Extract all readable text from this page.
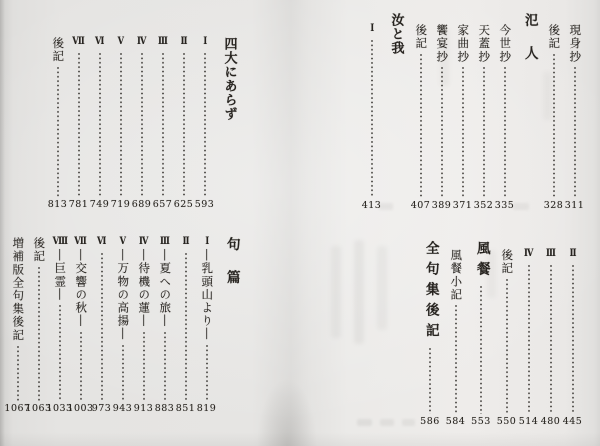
四大にあらず
I
593
II
625
III
657
IV
689
V
719
VI
749
VII
781
後記
813
現身抄
311
後記
328
氾　人
今世抄
335
天蓋抄
352
家曲抄
371
饗宴抄
389
後記
407
汝と我
I
413
句　篇
I
―乳頭山より―
819
II
851
III
―夏への旅―
883
IV
―待機の蓮―
913
V
―万物の高揚―
943
VI
973
VII
―交響の秋―
1003
VIII
―巨霊―
1033
後記
1063
増補版全句集後記
1067
II
445
III
480
IV
514
後記
550
風餐
553
風餐小記
584
全句集後記
586
